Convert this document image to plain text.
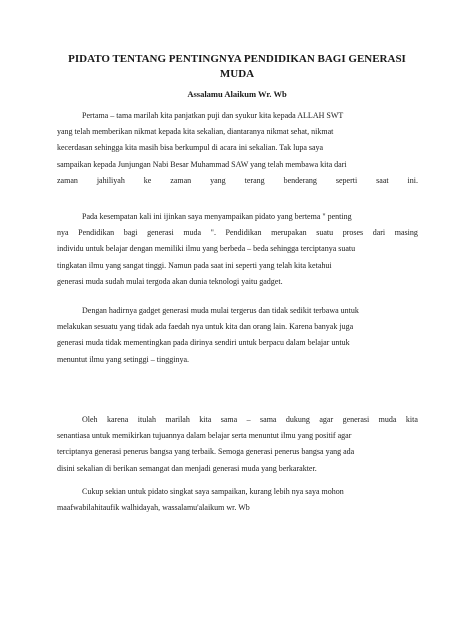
PIDATO TENTANG PENTINGNYA PENDIDIKAN BAGI GENERASI
MUDA
Assalamu Alaikum Wr. Wb

Pertama – tama marilah kita panjatkan puji dan syukur kita kepada ALLAH SWT

yang telah memberikan nikmat kepada kita sekalian, diantaranya nikmat sehat, nikmat

kecerdasan sehingga kita masih bisa berkumpul di acara ini sekalian. Tak lupa saya

sampaikan kepada Junjungan Nabi Besar Muhammad SAW yang telah membawa kita dari

zaman jahiliyah ke zaman yang terang benderang seperti saat ini.

Pada kesempatan kali ini ijinkan saya menyampaikan pidato yang bertema " penting

nya Pendidikan bagi generasi muda ". Pendidikan merupakan suatu proses dari masing

individu untuk belajar dengan memiliki ilmu yang berbeda – beda sehingga terciptanya suatu

tingkatan ilmu yang sangat tinggi. Namun pada saat ini seperti yang telah kita ketahui

generasi muda sudah mulai tergoda akan dunia teknologi yaitu gadget.

Dengan hadirnya gadget generasi muda mulai tergerus dan tidak sedikit terbawa untuk

melakukan sesuatu yang tidak ada faedah nya untuk kita dan orang lain. Karena banyak juga

generasi muda tidak mementingkan pada dirinya sendiri untuk berpacu dalam belajar untuk

menuntut ilmu yang setinggi – tingginya.

Oleh karena itulah marilah kita sama – sama dukung agar generasi muda kita

senantiasa untuk memikirkan tujuannya dalam belajar serta menuntut ilmu yang positif agar

terciptanya generasi penerus bangsa yang terbaik. Semoga generasi penerus bangsa yang ada

disini sekalian di berikan semangat dan menjadi generasi muda yang berkarakter.

Cukup sekian untuk pidato singkat saya sampaikan, kurang lebih nya saya mohon

maafwabilahitaufik walhidayah, wassalamu'alaikum wr. Wb
